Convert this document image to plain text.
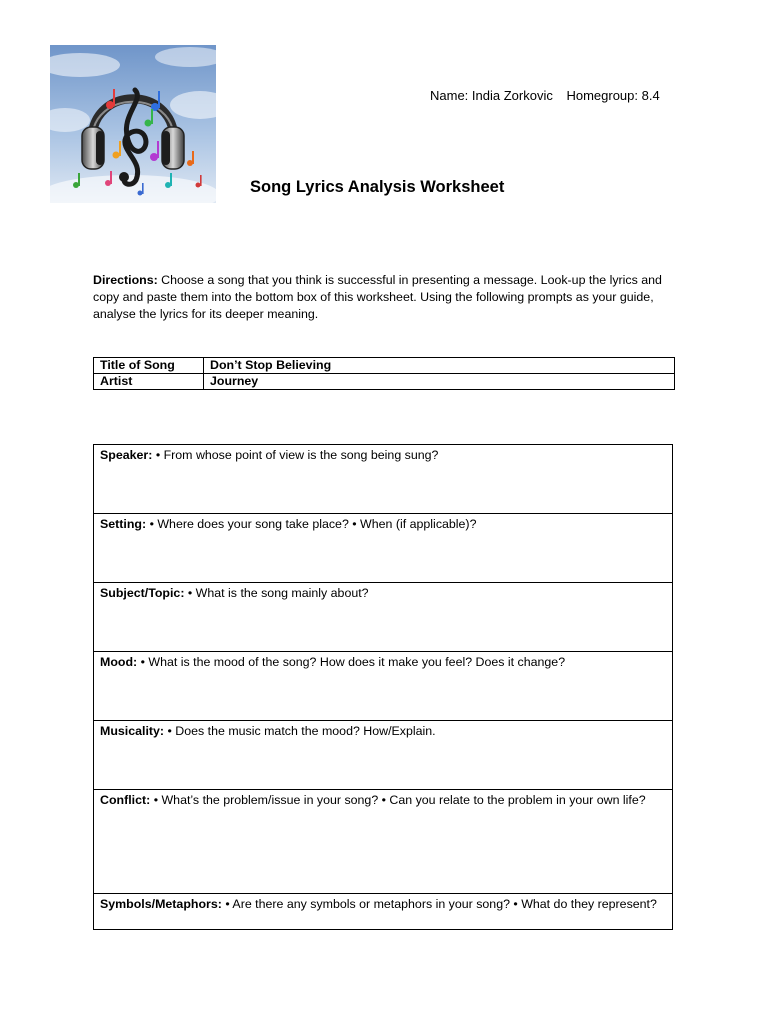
Name: India Zorkovic Homegroup: 8.4
Song Lyrics Analysis Worksheet

Directions: Choose a song that you think is successful in presenting a message. Look-up the lyrics and copy and paste them into the bottom box of this worksheet. Using the following prompts as your guide, analyse the lyrics for its deeper meaning.

Title of Song	Don’t Stop Believing
Artist	Journey
Speaker: • From whose point of view is the song being sung?
Setting: • Where does your song take place? • When (if applicable)?
Subject/Topic: • What is the song mainly about?
Mood: • What is the mood of the song? How does it make you feel? Does it change?
Musicality: • Does the music match the mood? How/Explain.
Conflict: • What’s the problem/issue in your song? • Can you relate to the problem in your own life?
Symbols/Metaphors: • Are there any symbols or metaphors in your song? • What do they represent?
